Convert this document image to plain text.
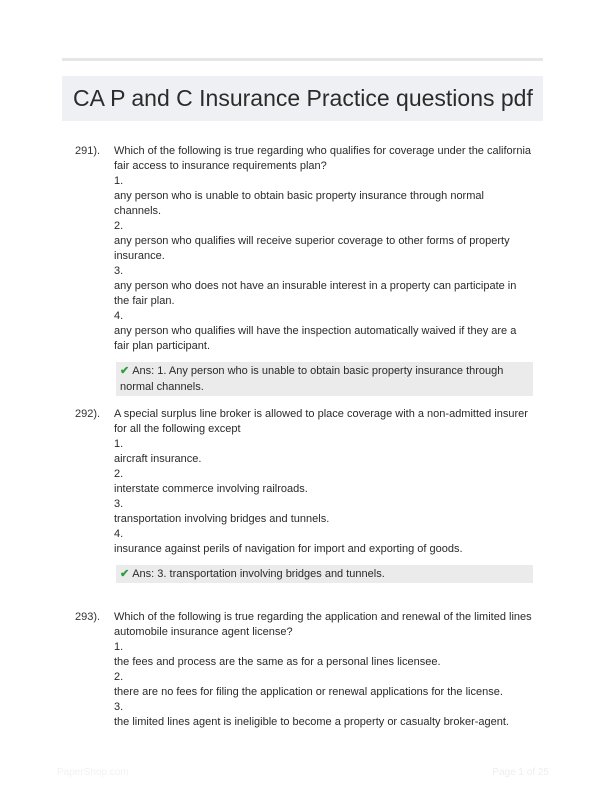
CA P and C Insurance Practice questions pdf
291). Which of the following is true regarding who qualifies for coverage under the california fair access to insurance requirements plan?

1.

any person who is unable to obtain basic property insurance through normal channels.

2.

any person who qualifies will receive superior coverage to other forms of property insurance.

3.

any person who does not have an insurable interest in a property can participate in the fair plan.

4.

any person who qualifies will have the inspection automatically waived if they are a fair plan participant.

✔ Ans: 1. Any person who is unable to obtain basic property insurance through normal channels.
292). A special surplus line broker is allowed to place coverage with a non-admitted insurer for all the following except

1.

aircraft insurance.

2.

interstate commerce involving railroads.

3.

transportation involving bridges and tunnels.

4.

insurance against perils of navigation for import and exporting of goods.

✔ Ans: 3. transportation involving bridges and tunnels.
293). Which of the following is true regarding the application and renewal of the limited lines automobile insurance agent license?

1.

the fees and process are the same as for a personal lines licensee.

2.

there are no fees for filing the application or renewal applications for the license.

3.

the limited lines agent is ineligible to become a property or casualty broker-agent.

PaperShop.com	Page 1 of 25
